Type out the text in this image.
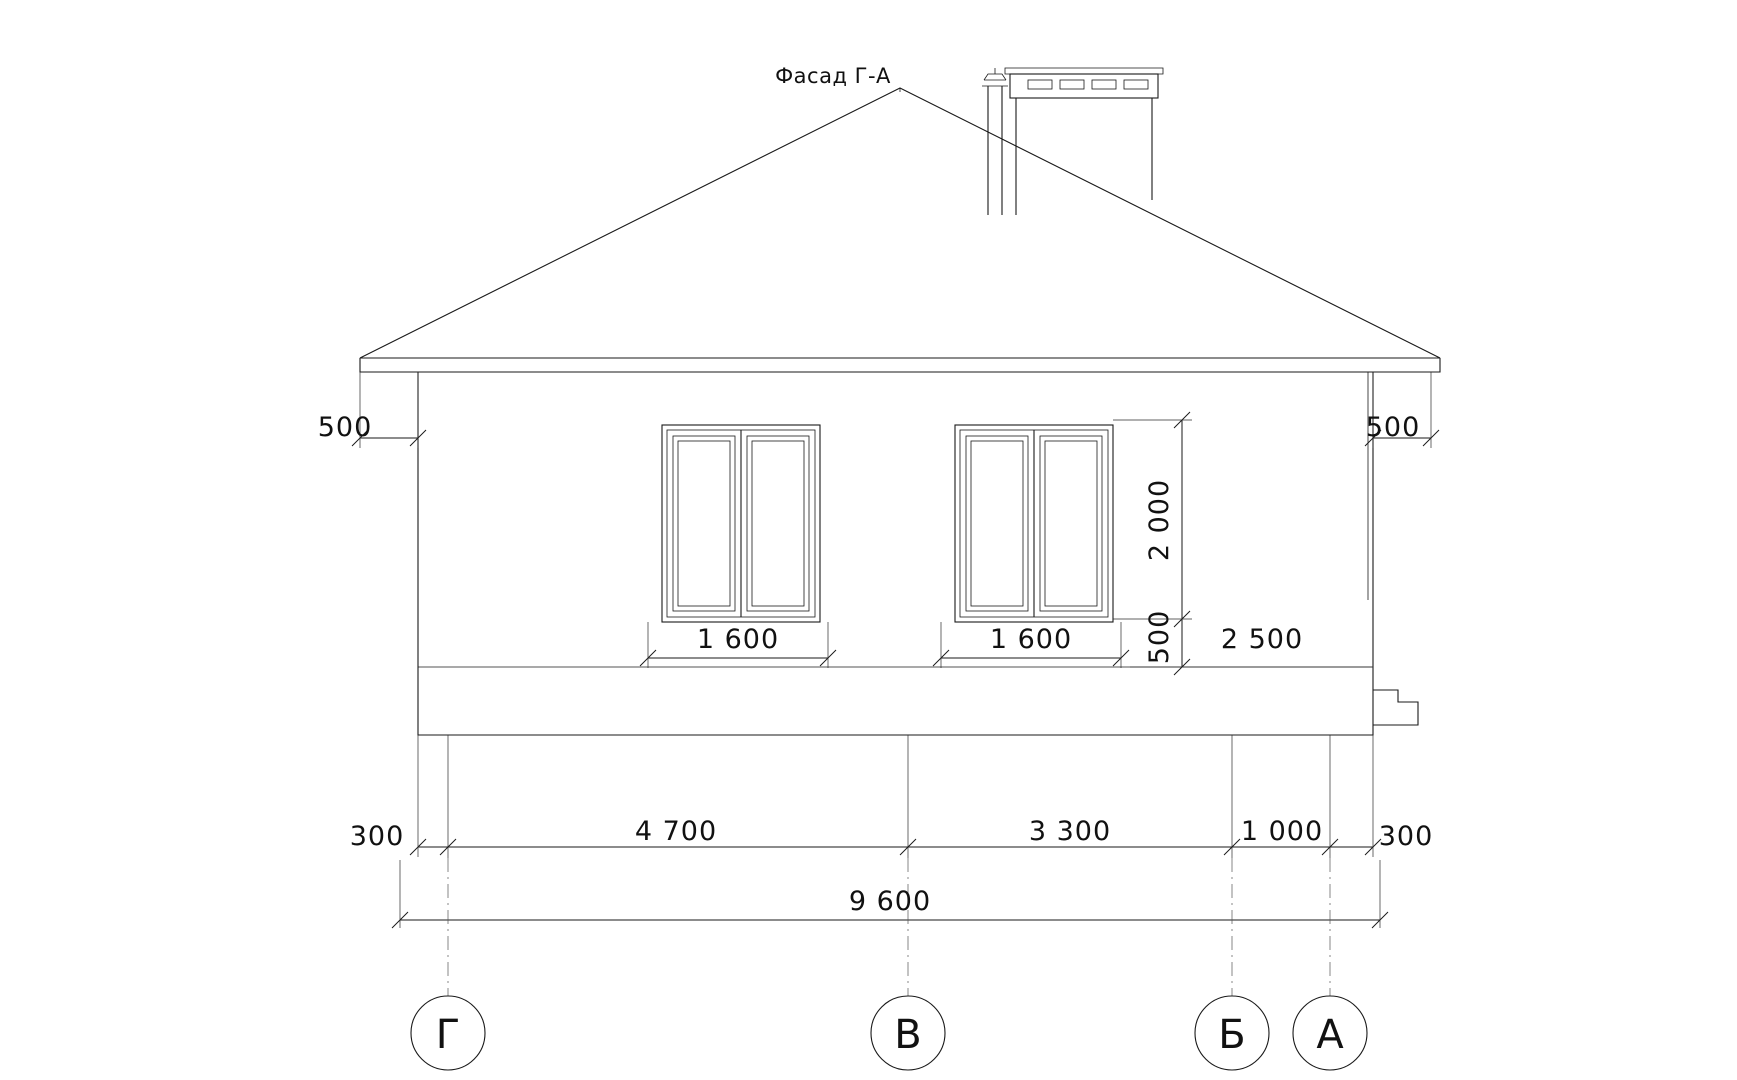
Фасад Г-А
500	500
1 600	1 600
2 000
500 2 500
300	4 700	3 300	1 000 300
9 600
Г	В	Б А
